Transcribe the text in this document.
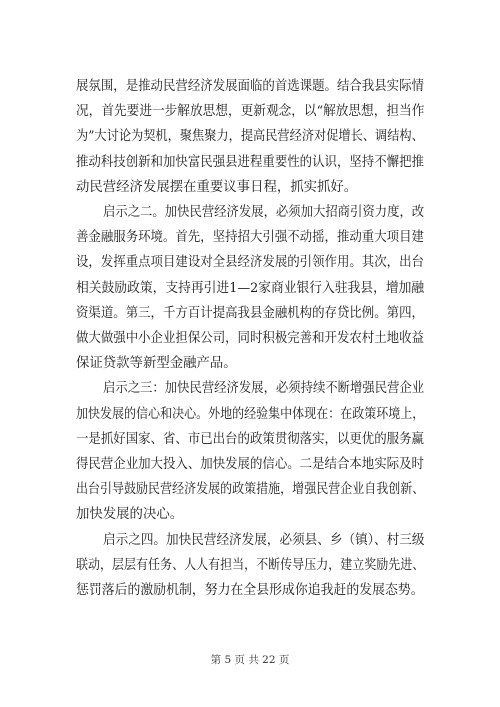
展氛围，是推动民营经济发展面临的首选课题。结合我县实际情
况，首先要进一步解放思想，更新观念，以“解放思想，担当作
为”大讨论为契机，聚焦聚力，提高民营经济对促增长、调结构、
推动科技创新和加快富民强县进程重要性的认识，坚持不懈把推
动民营经济发展摆在重要议事日程，抓实抓好。
启示之二。加快民营经济发展，必须加大招商引资力度，改
善金融服务环境。首先，坚持招大引强不动摇，推动重大项目建
设，发挥重点项目建设对全县经济发展的引领作用。其次，出台
相关鼓励政策，支持再引进1—2家商业银行入驻我县，增加融
资渠道。第三，千方百计提高我县金融机构的存贷比例。第四，
做大做强中小企业担保公司，同时积极完善和开发农村土地收益
保证贷款等新型金融产品。
启示之三：加快民营经济发展，必须持续不断增强民营企业
加快发展的信心和决心。外地的经验集中体现在：在政策环境上，
一是抓好国家、省、市已出台的政策贯彻落实，以更优的服务赢
得民营企业加大投入、加快发展的信心。二是结合本地实际及时
出台引导鼓励民营经济发展的政策措施，增强民营企业自我创新、
加快发展的决心。
启示之四。加快民营经济发展，必须县、乡（镇）、村三级
联动，层层有任务、人人有担当，不断传导压力，建立奖励先进、
惩罚落后的激励机制，努力在全县形成你追我赶的发展态势。
第 5 页 共 22 页
